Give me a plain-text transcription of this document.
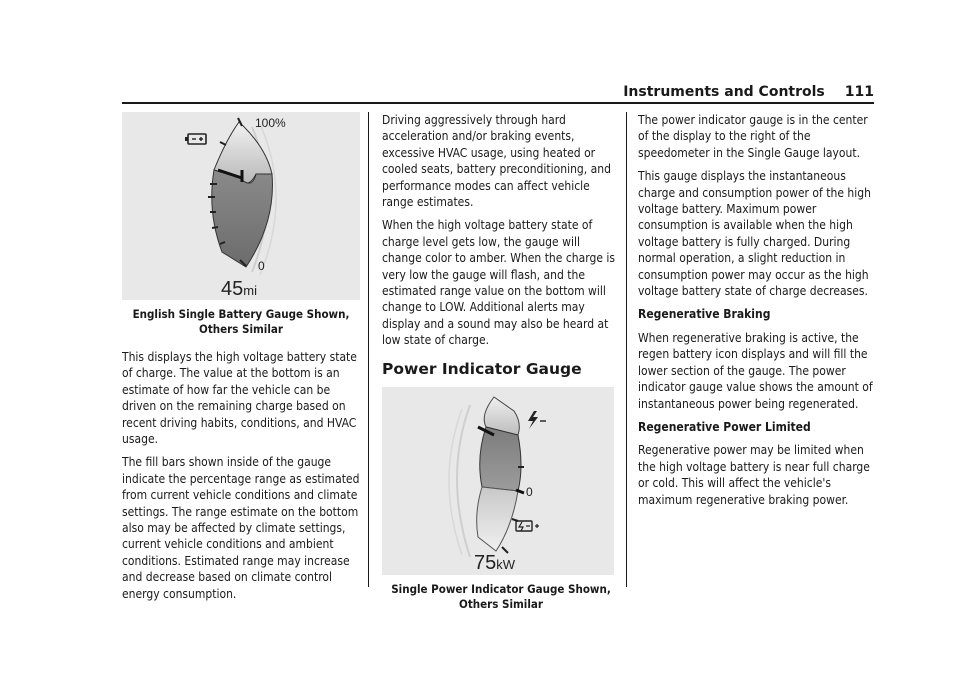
Instruments and Controls 111
100%
0
45mi
English Single Battery Gauge Shown, Others Similar

This displays the high voltage battery state of charge. The value at the bottom is an estimate of how far the vehicle can be driven on the remaining charge based on recent driving habits, conditions, and HVAC usage.

The fill bars shown inside of the gauge indicate the percentage range as estimated from current vehicle conditions and climate settings. The range estimate on the bottom also may be affected by climate settings, current vehicle conditions and ambient conditions. Estimated range may increase and decrease based on climate control energy consumption.

Driving aggressively through hard acceleration and/or braking events, excessive HVAC usage, using heated or cooled seats, battery preconditioning, and performance modes can affect vehicle range estimates.

When the high voltage battery state of charge level gets low, the gauge will change color to amber. When the charge is very low the gauge will flash, and the estimated range value on the bottom will change to LOW. Additional alerts may display and a sound may also be heard at low state of charge.

Power Indicator Gauge
0
75kW
Single Power Indicator Gauge Shown, Others Similar

The power indicator gauge is in the center of the display to the right of the speedometer in the Single Gauge layout.

This gauge displays the instantaneous charge and consumption power of the high voltage battery. Maximum power consumption is available when the high voltage battery is fully charged. During normal operation, a slight reduction in consumption power may occur as the high voltage battery state of charge decreases.

Regenerative Braking

When regenerative braking is active, the regen battery icon displays and will fill the lower section of the gauge. The power indicator gauge value shows the amount of instantaneous power being regenerated.

Regenerative Power Limited

Regenerative power may be limited when the high voltage battery is near full charge or cold. This will affect the vehicle's maximum regenerative braking power.
